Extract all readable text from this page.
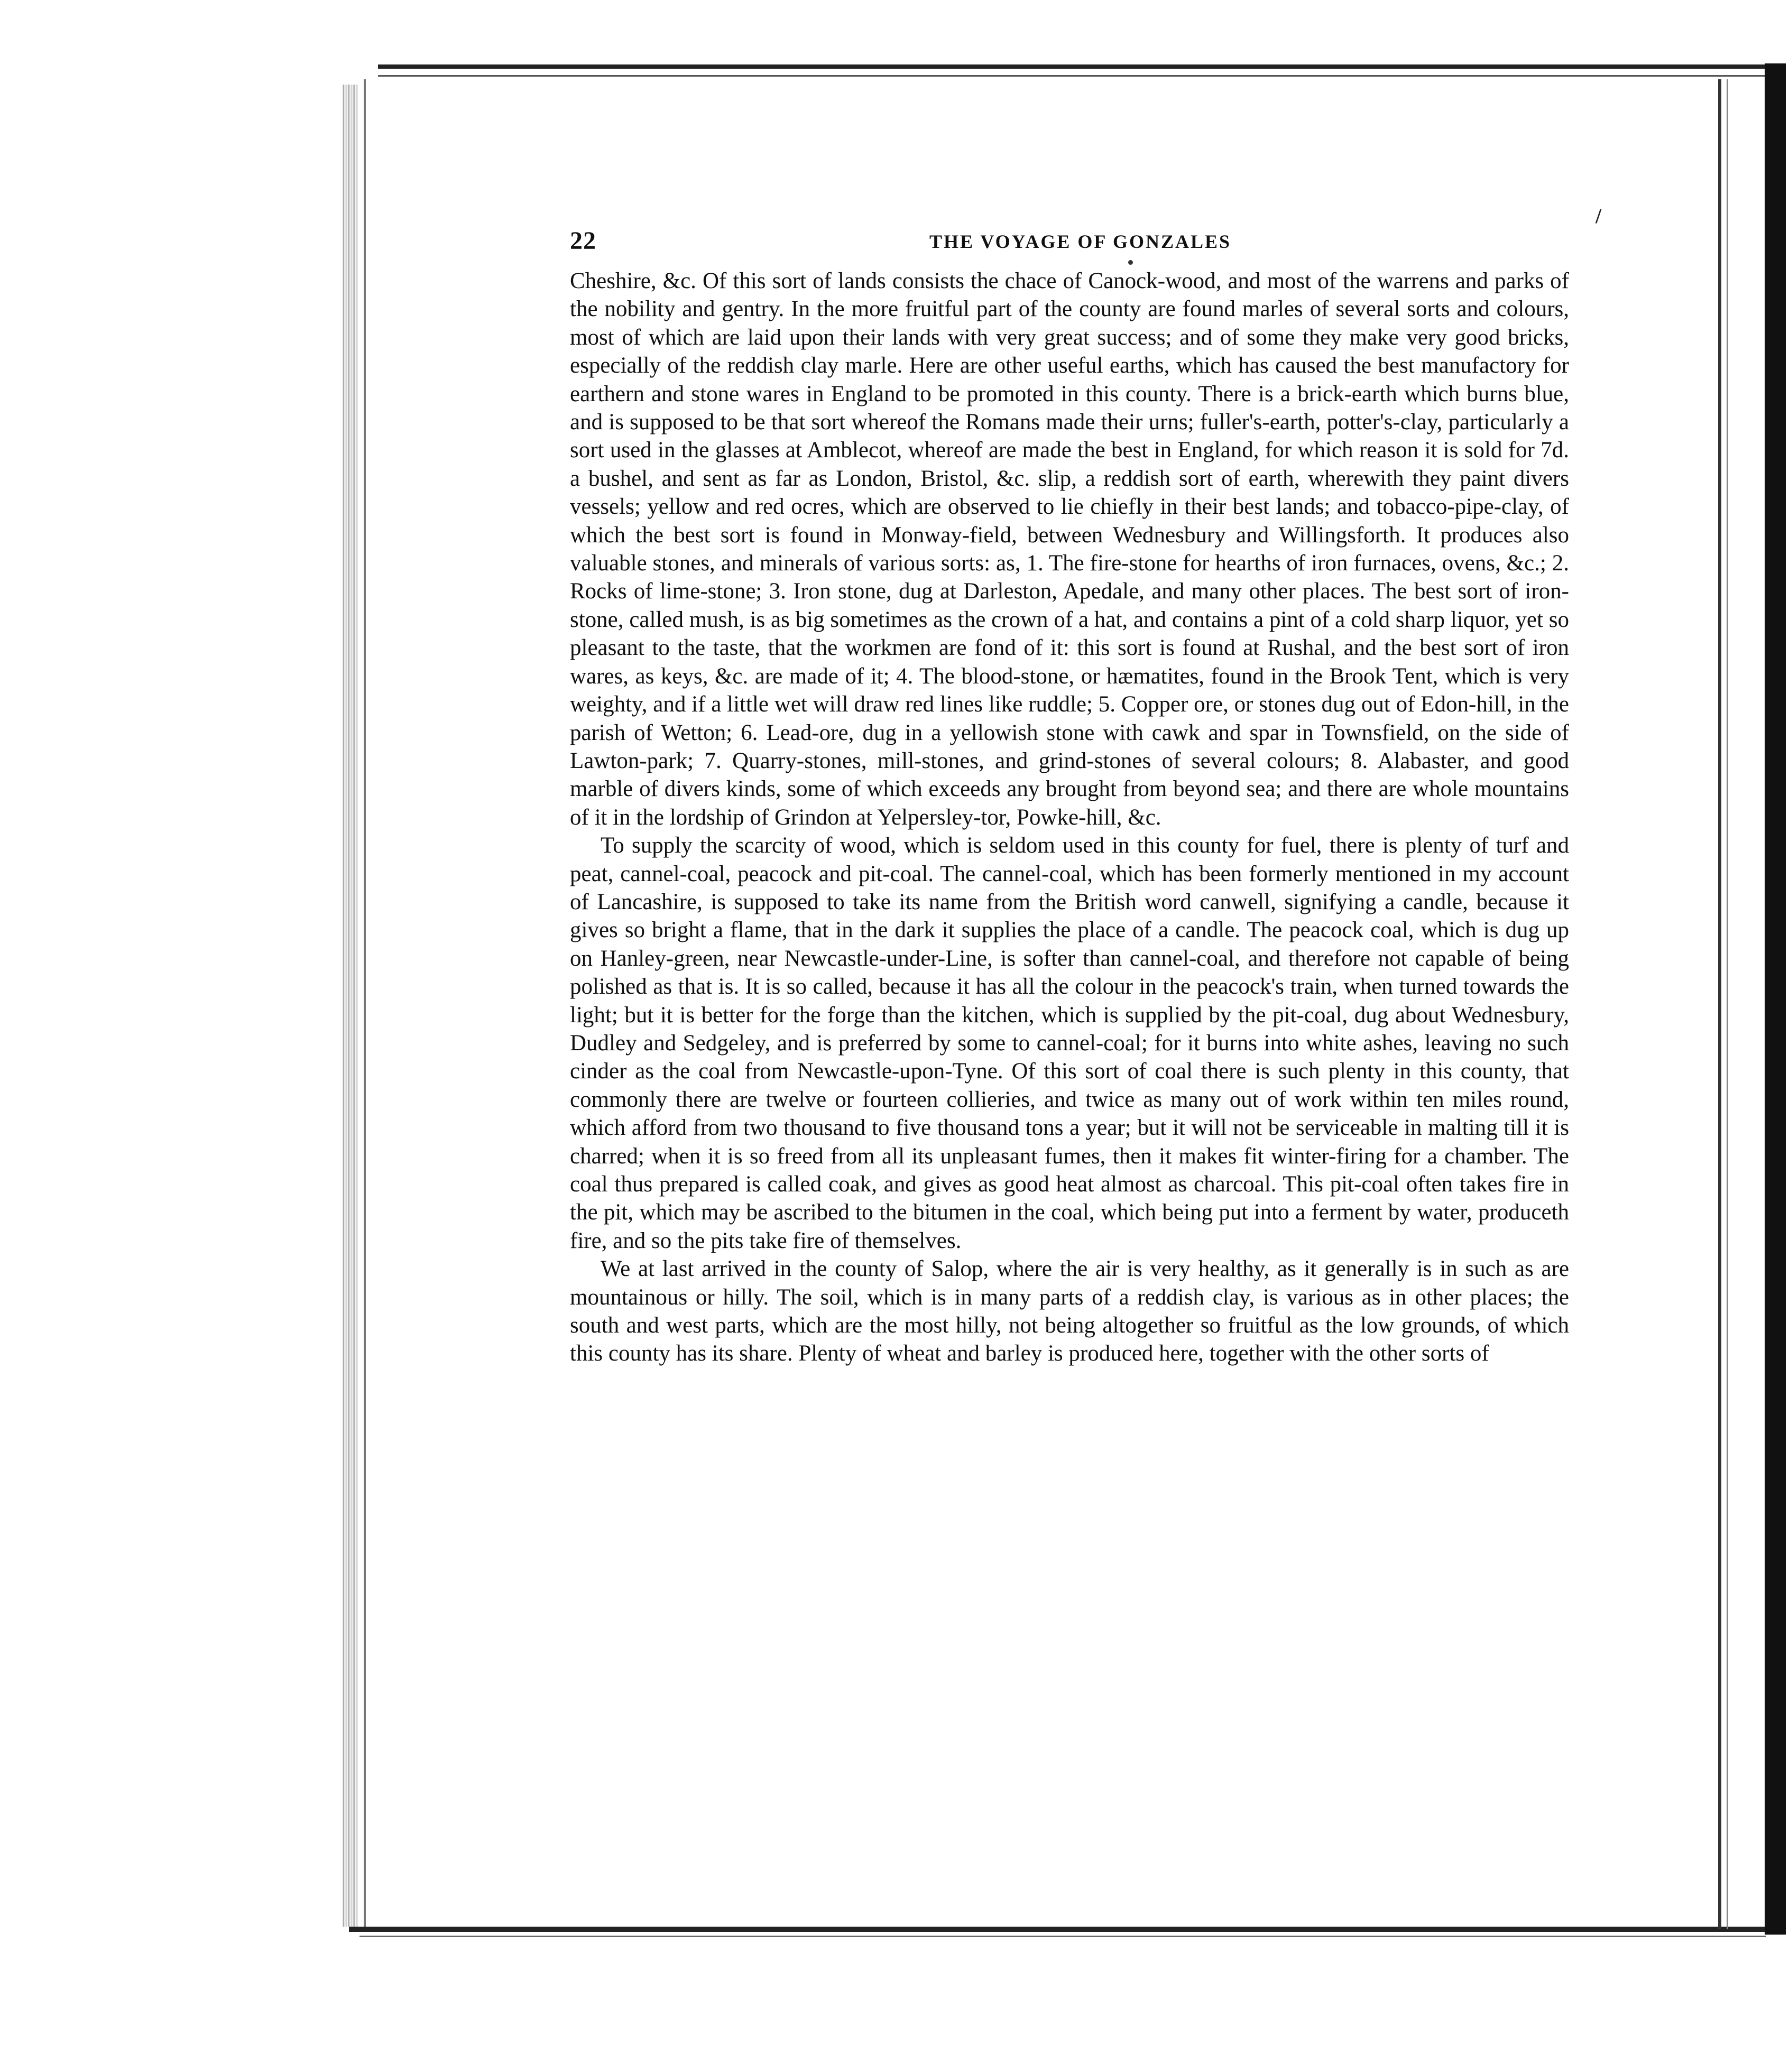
22	THE VOYAGE OF GONZALES
/

Cheshire, &c. Of this sort of lands consists the chace of Canock-wood, and most of the warrens and parks of the nobility and gentry. In the more fruitful part of the county are found marles of several sorts and colours, most of which are laid upon their lands with very great success; and of some they make very good bricks, especially of the reddish clay marle. Here are other useful earths, which has caused the best manufactory for earthern and stone wares in England to be promoted in this county. There is a brick-earth which burns blue, and is supposed to be that sort whereof the Romans made their urns; fuller's-earth, potter's-clay, particularly a sort used in the glasses at Amblecot, whereof are made the best in England, for which reason it is sold for 7d. a bushel, and sent as far as London, Bristol, &c. slip, a reddish sort of earth, wherewith they paint divers vessels; yellow and red ocres, which are observed to lie chiefly in their best lands; and tobacco-pipe-clay, of which the best sort is found in Monway-field, between Wednesbury and Willingsforth. It produces also valuable stones, and minerals of various sorts: as, 1. The fire-stone for hearths of iron furnaces, ovens, &c.; 2. Rocks of lime-stone; 3. Iron stone, dug at Darleston, Apedale, and many other places. The best sort of iron-stone, called mush, is as big sometimes as the crown of a hat, and contains a pint of a cold sharp liquor, yet so pleasant to the taste, that the workmen are fond of it: this sort is found at Rushal, and the best sort of iron wares, as keys, &c. are made of it; 4. The blood-stone, or hæmatites, found in the Brook Tent, which is very weighty, and if a little wet will draw red lines like ruddle; 5. Copper ore, or stones dug out of Edon-hill, in the parish of Wetton; 6. Lead-ore, dug in a yellowish stone with cawk and spar in Townsfield, on the side of Lawton-park; 7. Quarry-stones, mill-stones, and grind-stones of several colours; 8. Alabaster, and good marble of divers kinds, some of which exceeds any brought from beyond sea; and there are whole mountains of it in the lordship of Grindon at Yelpersley-tor, Powke-hill, &c.

To supply the scarcity of wood, which is seldom used in this county for fuel, there is plenty of turf and peat, cannel-coal, peacock and pit-coal. The cannel-coal, which has been formerly mentioned in my account of Lancashire, is supposed to take its name from the British word canwell, signifying a candle, because it gives so bright a flame, that in the dark it supplies the place of a candle. The peacock coal, which is dug up on Hanley-green, near Newcastle-under-Line, is softer than cannel-coal, and therefore not capable of being polished as that is. It is so called, because it has all the colour in the peacock's train, when turned towards the light; but it is better for the forge than the kitchen, which is supplied by the pit-coal, dug about Wednesbury, Dudley and Sedgeley, and is preferred by some to cannel-coal; for it burns into white ashes, leaving no such cinder as the coal from Newcastle-upon-Tyne. Of this sort of coal there is such plenty in this county, that commonly there are twelve or fourteen collieries, and twice as many out of work within ten miles round, which afford from two thousand to five thousand tons a year; but it will not be serviceable in malting till it is charred; when it is so freed from all its unpleasant fumes, then it makes fit winter-firing for a chamber. The coal thus prepared is called coak, and gives as good heat almost as charcoal. This pit-coal often takes fire in the pit, which may be ascribed to the bitumen in the coal, which being put into a ferment by water, produceth fire, and so the pits take fire of themselves.

We at last arrived in the county of Salop, where the air is very healthy, as it generally is in such as are mountainous or hilly. The soil, which is in many parts of a reddish clay, is various as in other places; the south and west parts, which are the most hilly, not being altogether so fruitful as the low grounds, of which this county has its share. Plenty of wheat and barley is produced here, together with the other sorts of
